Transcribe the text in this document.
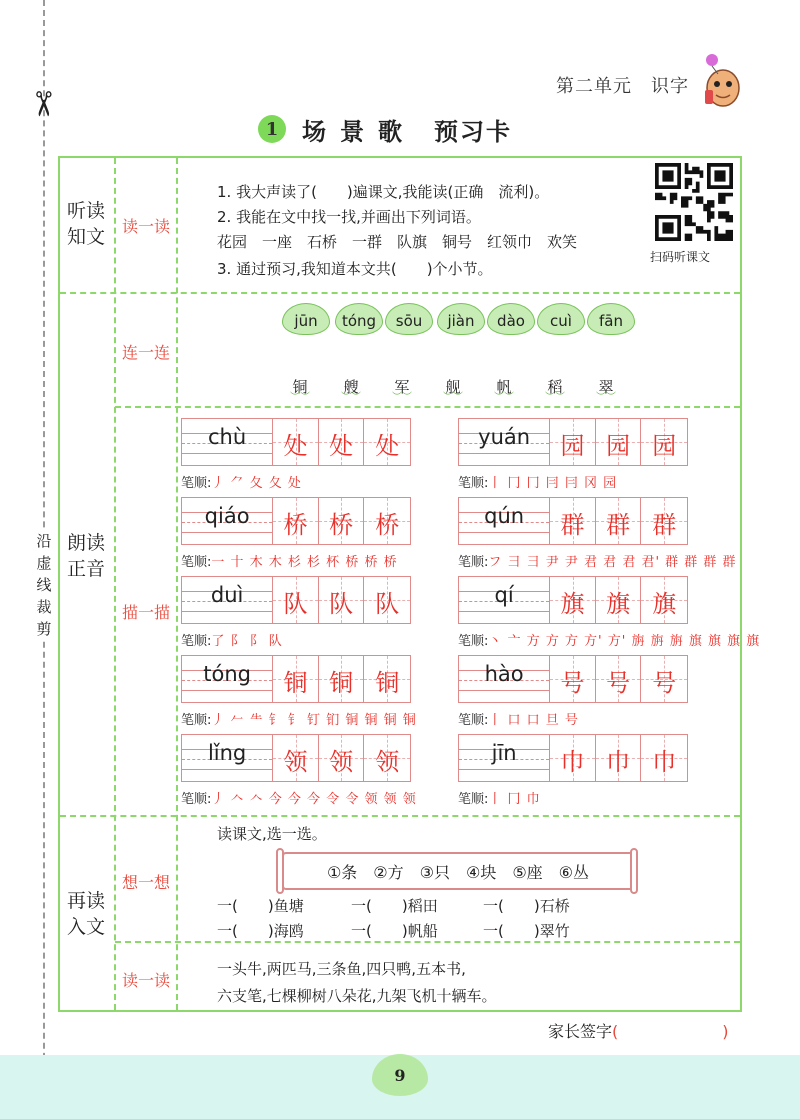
✂
沿
虚
线
裁
剪
第二单元　识字
1 场景歌 预习卡
听读
知文	读一读
1. 我大声读了(　　)遍课文,我能读(正确　流利)。
2. 我能在文中找一找,并画出下列词语。
花园　一座　石桥　一群　队旗　铜号　红领巾　欢笑
3. 通过预习,我知道本文共(　　)个小节。
扫码听课文
连一连
jūn tóng sōu jiàn dào cuì fān
铜	艘	军	舰	帆	稻	翠
︶︶	︶︶	︶︶	︶︶	︶︶	︶︶	︶︶
朗读
正音
描一描
chù	处 处 处
笔顺:丿 ⺈ 夂 夂 处
yuán	园 园 园
笔顺:丨 冂 冂 冃 冃 冈 园
qiáo	桥 桥 桥
笔顺:一 十 木 木 杉 杉 杯 桥 桥 桥
qún	群 群 群
笔顺:フ ⺕ ⺕ 尹 尹 君 君 君 君' 群 群 群 群
duì	队 队 队
笔顺:了 阝 阝 队
qí	旗 旗 旗
笔顺:丶 亠 方 方 方 方' 方' 旃 旃 旃 旗 旗 旗 旗
tóng	铜 铜 铜
笔顺:丿 𠂉 ⺧ 钅 钅 钉 钔 铜 铜 铜 铜
hào	号 号 号
笔顺:丨 口 口 旦 号
lǐng	领 领 领
笔顺:丿 𠆢 𠆢 今 今 今 令 令 领 领 领
jīn	巾 巾 巾
笔顺:丨 冂 巾
再读
入文
想一想
读课文,选一选。
①条　②方　③只　④块　⑤座　⑥丛
一(　　)鱼塘	一(　　)稻田	一(　　)石桥
一(　　)海鸥	一(　　)帆船	一(　　)翠竹
读一读
一头牛,两匹马,三条鱼,四只鸭,五本书,
六支笔,七棵柳树八朵花,九架飞机十辆车。
家长签字(	)
9
